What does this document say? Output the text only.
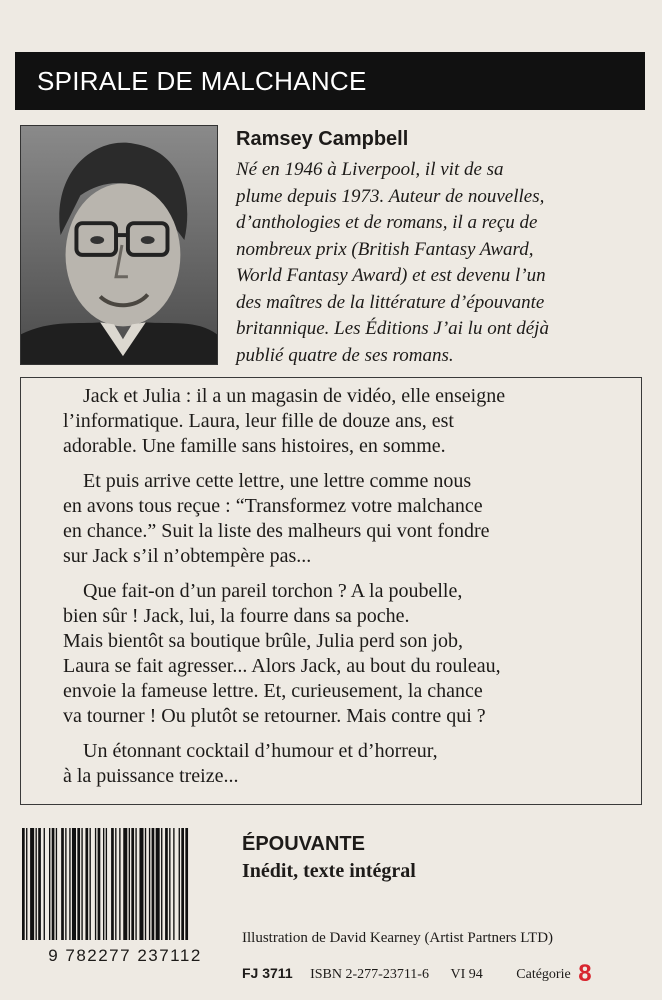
SPIRALE DE MALCHANCE
Ramsey Campbell
Né en 1946 à Liverpool, il vit de sa
plume depuis 1973. Auteur de nouvelles,
d’anthologies et de romans, il a reçu de
nombreux prix (British Fantasy Award,
World Fantasy Award) et est devenu l’un
des maîtres de la littérature d’épouvante
britannique. Les Éditions J’ai lu ont déjà
publié quatre de ses romans.

Jack et Julia : il a un magasin de vidéo, elle enseigne
l’informatique. Laura, leur fille de douze ans, est
adorable. Une famille sans histoires, en somme.

Et puis arrive cette lettre, une lettre comme nous
en avons tous reçue : “Transformez votre malchance
en chance.” Suit la liste des malheurs qui vont fondre
sur Jack s’il n’obtempère pas...

Que fait-on d’un pareil torchon ? A la poubelle,
bien sûr ! Jack, lui, la fourre dans sa poche.
Mais bientôt sa boutique brûle, Julia perd son job,
Laura se fait agresser... Alors Jack, au bout du rouleau,
envoie la fameuse lettre. Et, curieusement, la chance
va tourner ! Ou plutôt se retourner. Mais contre qui ?

Un étonnant cocktail d’humour et d’horreur,
à la puissance treize...

9 782277 237112
ÉPOUVANTE
Inédit, texte intégral
Illustration de David Kearney (Artist Partners LTD)
FJ 3711 ISBN 2-277-23711-6 VI 94 Catégorie 8
